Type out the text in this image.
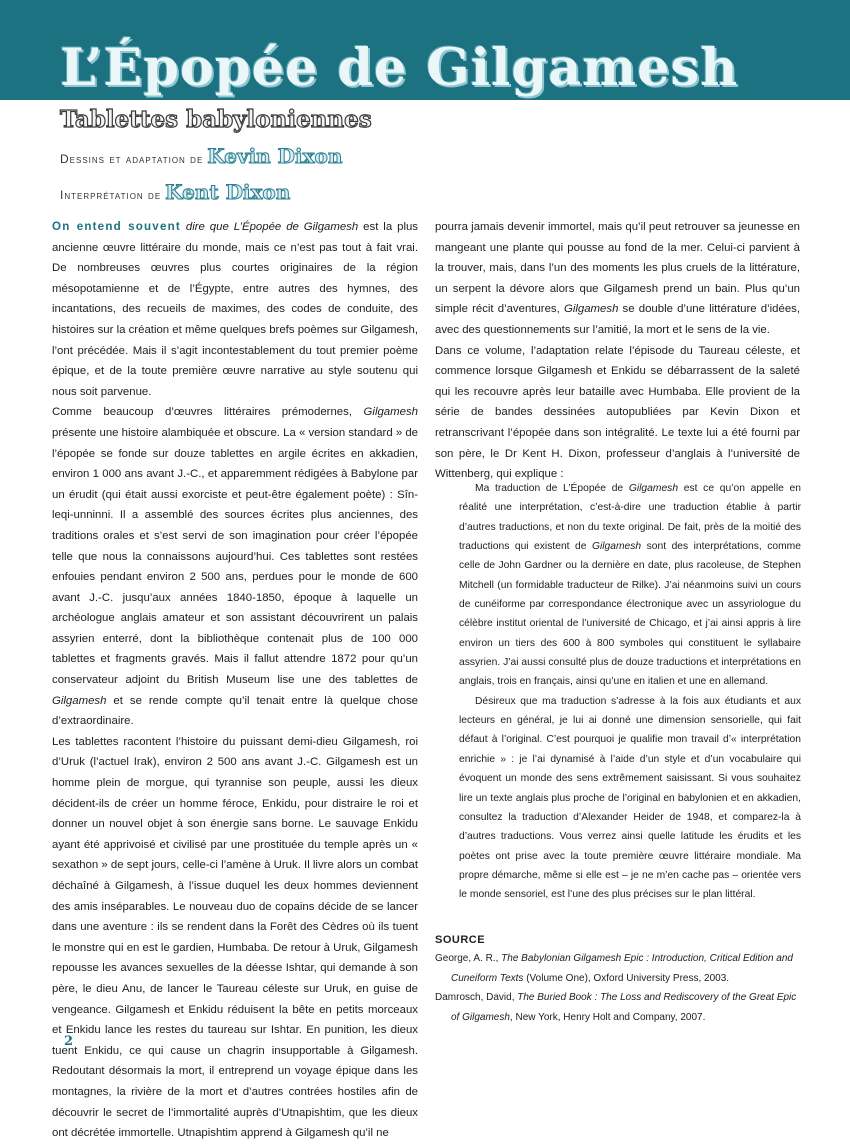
L’Épopée de Gilgamesh
Tablettes babyloniennes
Dessins et adaptation de Kevin Dixon
Interprétation de Kent Dixon

On entend souvent dire que L’Épopée de Gilgamesh est la plus ancienne œuvre littéraire du monde, mais ce n’est pas tout à fait vrai. De nombreuses œuvres plus courtes originaires de la région mésopotamienne et de l’Égypte, entre autres des hymnes, des incantations, des recueils de maximes, des codes de conduite, des histoires sur la création et même quelques brefs poèmes sur Gilgamesh, l’ont précédée. Mais il s’agit incontestablement du tout premier poème épique, et de la toute première œuvre narrative au style soutenu qui nous soit parvenue.

Comme beaucoup d’œuvres littéraires prémodernes, Gilgamesh présente une histoire alambiquée et obscure. La « version standard » de l’épopée se fonde sur douze tablettes en argile écrites en akkadien, environ 1 000 ans avant J.-C., et apparemment rédigées à Babylone par un érudit (qui était aussi exorciste et peut-être également poète) : Sîn-leqi-unninni. Il a assemblé des sources écrites plus anciennes, des traditions orales et s’est servi de son imagination pour créer l’épopée telle que nous la connaissons aujourd’hui. Ces tablettes sont restées enfouies pendant environ 2 500 ans, perdues pour le monde de 600 avant J.-C. jusqu’aux années 1840-1850, époque à laquelle un archéologue anglais amateur et son assistant découvrirent un palais assyrien enterré, dont la bibliothèque contenait plus de 100 000 tablettes et fragments gravés. Mais il fallut attendre 1872 pour qu’un conservateur adjoint du British Museum lise une des tablettes de Gilgamesh et se rende compte qu’il tenait entre là quelque chose d’extraordinaire.

Les tablettes racontent l’histoire du puissant demi-dieu Gilgamesh, roi d’Uruk (l’actuel Irak), environ 2 500 ans avant J.-C. Gilgamesh est un homme plein de morgue, qui tyrannise son peuple, aussi les dieux décident-ils de créer un homme féroce, Enkidu, pour distraire le roi et donner un nouvel objet à son énergie sans borne. Le sauvage Enkidu ayant été apprivoisé et civilisé par une prostituée du temple après un « sexathon » de sept jours, celle-ci l’amène à Uruk. Il livre alors un combat déchaîné à Gilgamesh, à l’issue duquel les deux hommes deviennent des amis inséparables. Le nouveau duo de copains décide de se lancer dans une aventure : ils se rendent dans la Forêt des Cèdres où ils tuent le monstre qui en est le gardien, Humbaba. De retour à Uruk, Gilgamesh repousse les avances sexuelles de la déesse Ishtar, qui demande à son père, le dieu Anu, de lancer le Taureau céleste sur Uruk, en guise de vengeance. Gilgamesh et Enkidu réduisent la bête en petits morceaux et Enkidu lance les restes du taureau sur Ishtar. En punition, les dieux tuent Enkidu, ce qui cause un chagrin insupportable à Gilgamesh. Redoutant désormais la mort, il entreprend un voyage épique dans les montagnes, la rivière de la mort et d’autres contrées hostiles afin de découvrir le secret de l’immortalité auprès d’Utnapishtim, que les dieux ont décrétée immortelle. Utnapishtim apprend à Gilgamesh qu’il ne

pourra jamais devenir immortel, mais qu’il peut retrouver sa jeunesse en mangeant une plante qui pousse au fond de la mer. Celui-ci parvient à la trouver, mais, dans l’un des moments les plus cruels de la littérature, un serpent la dévore alors que Gilgamesh prend un bain. Plus qu’un simple récit d’aventures, Gilgamesh se double d’une littérature d’idées, avec des questionnements sur l’amitié, la mort et le sens de la vie.

Dans ce volume, l’adaptation relate l’épisode du Taureau céleste, et commence lorsque Gilgamesh et Enkidu se débarrassent de la saleté qui les recouvre après leur bataille avec Humbaba. Elle provient de la série de bandes dessinées autopubliées par Kevin Dixon et retranscrivant l’épopée dans son intégralité. Le texte lui a été fourni par son père, le Dr Kent H. Dixon, professeur d’anglais à l’université de Wittenberg, qui explique :

Ma traduction de L’Épopée de Gilgamesh est ce qu’on appelle en réalité une interprétation, c’est-à-dire une traduction établie à partir d’autres traductions, et non du texte original. De fait, près de la moitié des traductions qui existent de Gilgamesh sont des interprétations, comme celle de John Gardner ou la dernière en date, plus racoleuse, de Stephen Mitchell (un formidable traducteur de Rilke). J’ai néanmoins suivi un cours de cunéiforme par correspondance électronique avec un assyriologue du célèbre institut oriental de l’université de Chicago, et j’ai ainsi appris à lire environ un tiers des 600 à 800 symboles qui constituent le syllabaire assyrien. J’ai aussi consulté plus de douze traductions et interprétations en anglais, trois en français, ainsi qu’une en italien et une en allemand.

Désireux que ma traduction s’adresse à la fois aux étudiants et aux lecteurs en général, je lui ai donné une dimension sensorielle, qui fait défaut à l’original. C’est pourquoi je qualifie mon travail d’« interprétation enrichie » : je l’ai dynamisé à l’aide d’un style et d’un vocabulaire qui évoquent un monde des sens extrêmement saisissant. Si vous souhaitez lire un texte anglais plus proche de l’original en babylonien et en akkadien, consultez la traduction d’Alexander Heider de 1948, et comparez-la à d’autres traductions. Vous verrez ainsi quelle latitude les érudits et les poètes ont prise avec la toute première œuvre littéraire mondiale. Ma propre démarche, même si elle est – je ne m’en cache pas – orientée vers le monde sensoriel, est l’une des plus précises sur le plan littéral.

SOURCE

George, A. R., The Babylonian Gilgamesh Epic : Introduction, Critical Edition and Cuneiform Texts (Volume One), Oxford University Press, 2003.

Damrosch, David, The Buried Book : The Loss and Rediscovery of the Great Epic of Gilgamesh, New York, Henry Holt and Company, 2007.

2
